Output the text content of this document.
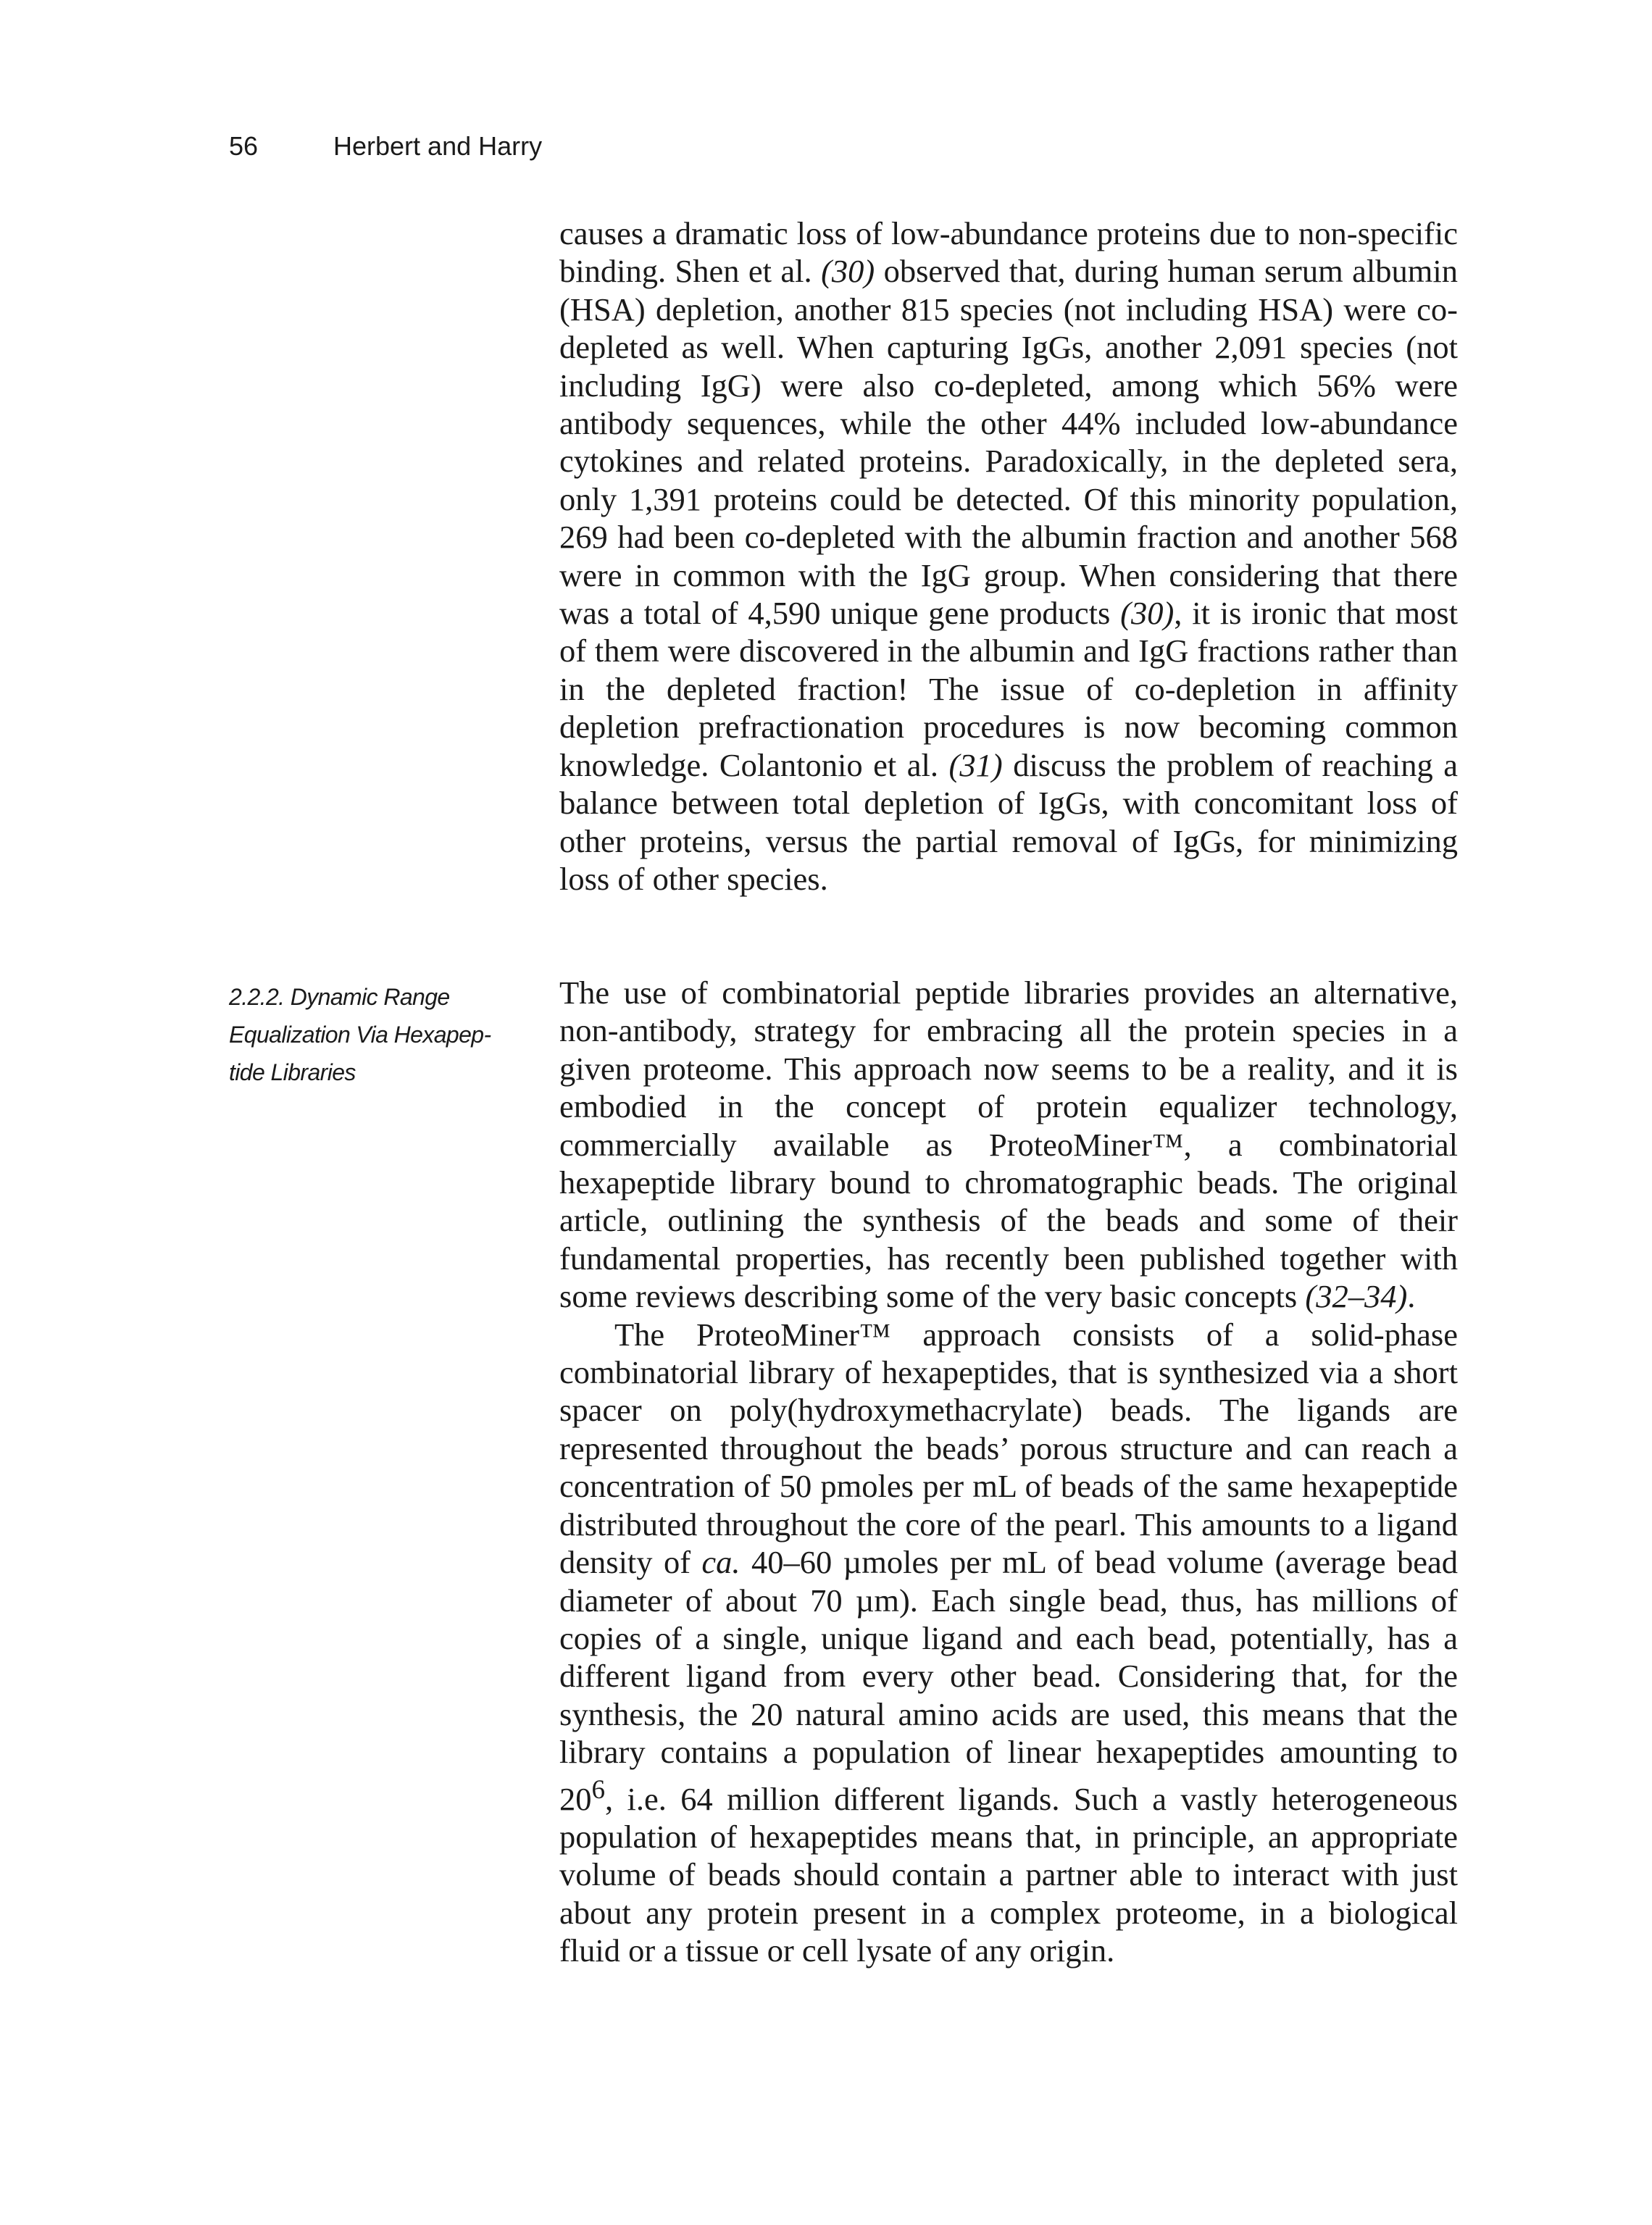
56	Herbert and Harry

causes a dramatic loss of low-abundance proteins due to non-specific binding. Shen et al. (30) observed that, during human serum albumin (HSA) depletion, another 815 species (not including HSA) were co-depleted as well. When capturing IgGs, another 2,091 species (not including IgG) were also co-depleted, among which 56% were antibody sequences, while the other 44% included low-abundance cytokines and related proteins. Paradoxically, in the depleted sera, only 1,391 proteins could be detected. Of this minority population, 269 had been co-depleted with the albumin fraction and another 568 were in common with the IgG group. When considering that there was a total of 4,590 unique gene products (30), it is ironic that most of them were discovered in the albumin and IgG fractions rather than in the depleted fraction! The issue of co-depletion in affinity depletion prefractionation procedures is now becoming common knowledge. Colantonio et al. (31) discuss the problem of reaching a balance between total depletion of IgGs, with concomitant loss of other proteins, versus the partial removal of IgGs, for minimizing loss of other species.

2.2.2. Dynamic Range
Equalization Via Hexapep-
tide Libraries

The use of combinatorial peptide libraries provides an alternative, non-antibody, strategy for embracing all the protein species in a given proteome. This approach now seems to be a reality, and it is embodied in the concept of protein equalizer technology, commercially available as ProteoMiner™, a combinatorial hexapeptide library bound to chromatographic beads. The original article, outlining the synthesis of the beads and some of their fundamental properties, has recently been published together with some reviews describing some of the very basic concepts (32–34).

The ProteoMiner™ approach consists of a solid-phase combinatorial library of hexapeptides, that is synthesized via a short spacer on poly(hydroxymethacrylate) beads. The ligands are represented throughout the beads’ porous structure and can reach a concentration of 50 pmoles per mL of beads of the same hexapeptide distributed throughout the core of the pearl. This amounts to a ligand density of ca. 40–60 µmoles per mL of bead volume (average bead diameter of about 70 µm). Each single bead, thus, has millions of copies of a single, unique ligand and each bead, potentially, has a different ligand from every other bead. Considering that, for the synthesis, the 20 natural amino acids are used, this means that the library contains a population of linear hexapeptides amounting to $20^6$, i.e. 64 million different ligands. Such a vastly heterogeneous population of hexapeptides means that, in principle, an appropriate volume of beads should contain a partner able to interact with just about any protein present in a complex proteome, in a biological fluid or a tissue or cell lysate of any origin.
